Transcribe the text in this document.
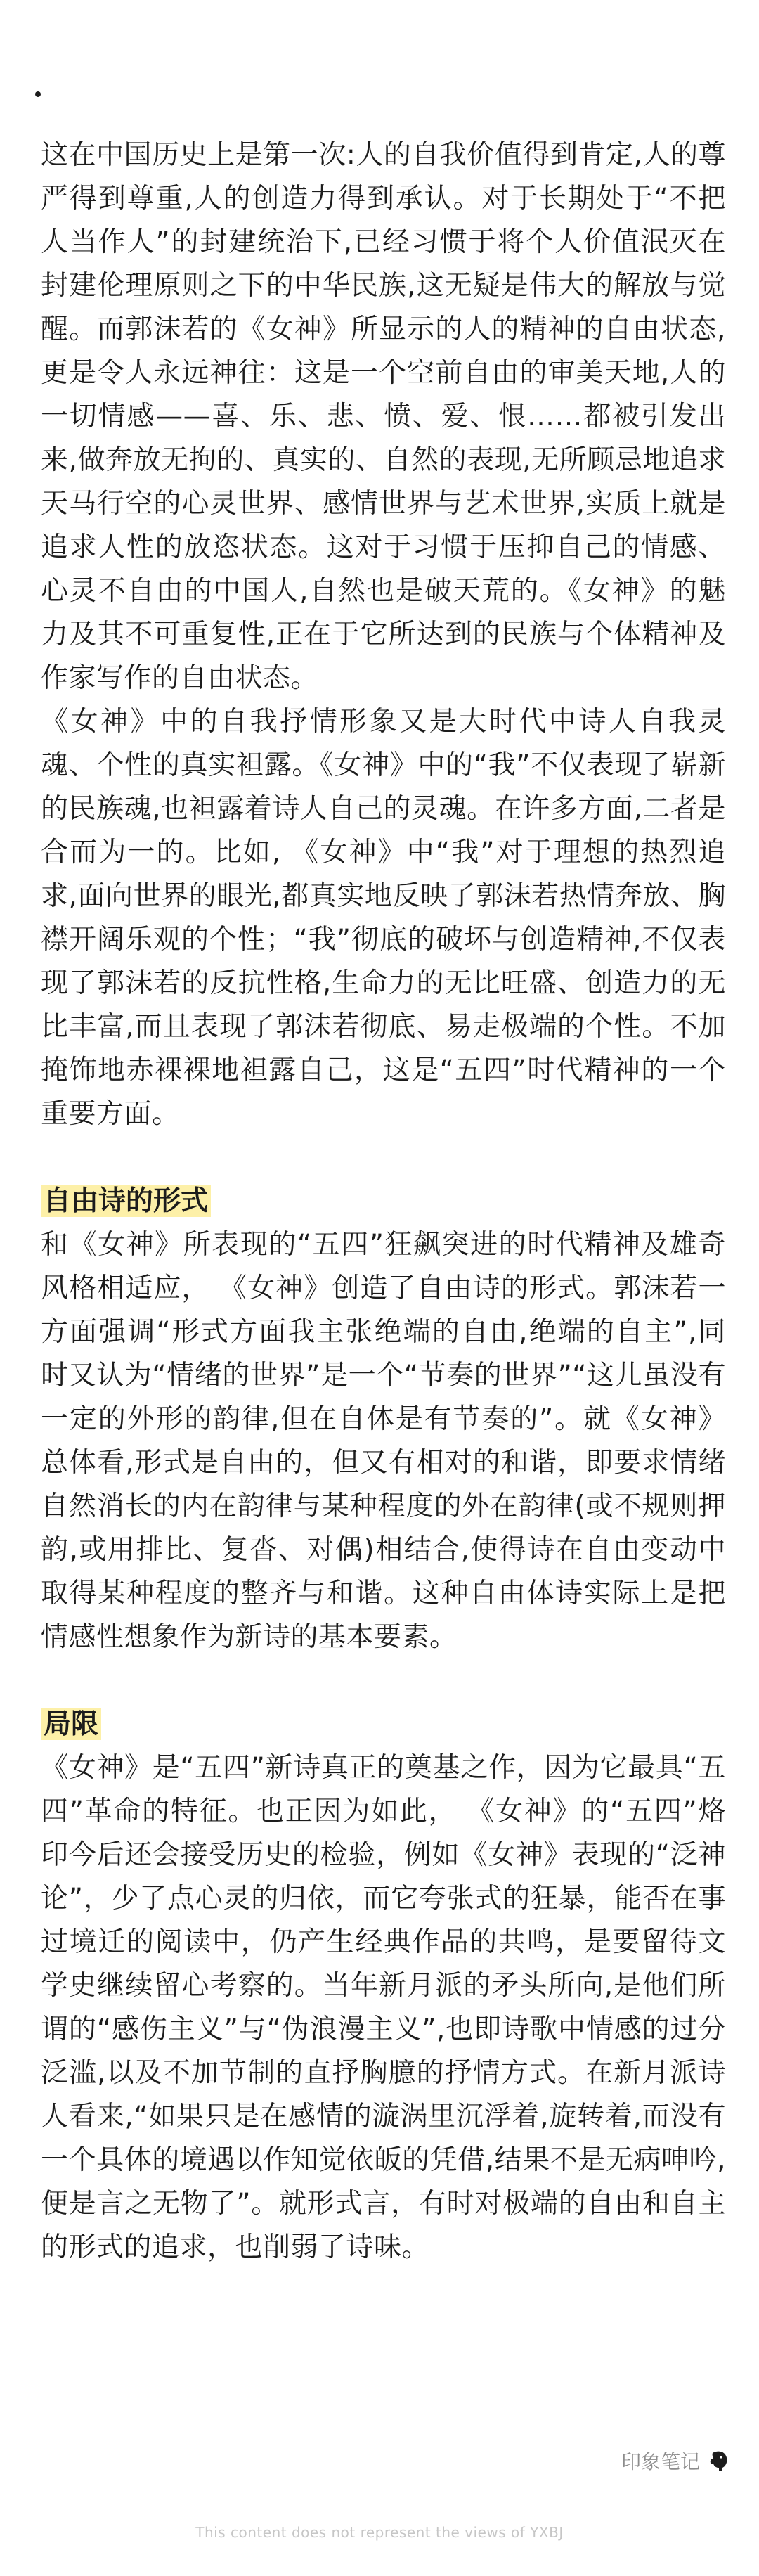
这在中国历史上是第一次:人的自我价值得到肯定,人的尊严得到尊重,人的创造力得到承认。对于长期处于“不把人当作人”的封建统治下,已经习惯于将个人价值泯灭在封建伦理原则之下的中华民族,这无疑是伟大的解放与觉醒。而郭沫若的《女神》所显示的人的精神的自由状态,更是令人永远神往：这是一个空前自由的审美天地,人的一切情感——喜、乐、悲、愤、爱、恨……都被引发出来,做奔放无拘的、真实的、自然的表现,无所顾忌地追求天马行空的心灵世界、感情世界与艺术世界,实质上就是追求人性的放恣状态。这对于习惯于压抑自己的情感、心灵不自由的中国人,自然也是破天荒的。《女神》的魅力及其不可重复性,正在于它所达到的民族与个体精神及作家写作的自由状态。

《女神》中的自我抒情形象又是大时代中诗人自我灵魂、个性的真实袒露。《女神》中的“我”不仅表现了崭新的民族魂,也袒露着诗人自己的灵魂。在许多方面,二者是合而为一的。比如, 《女神》中“我”对于理想的热烈追求,面向世界的眼光,都真实地反映了郭沫若热情奔放、胸襟开阔乐观的个性；“我”彻底的破坏与创造精神,不仅表现了郭沫若的反抗性格,生命力的无比旺盛、创造力的无比丰富,而且表现了郭沫若彻底、易走极端的个性。不加掩饰地赤裸裸地袒露自己，这是“五四”时代精神的一个重要方面。

自由诗的形式

和《女神》所表现的“五四”狂飙突进的时代精神及雄奇风格相适应， 《女神》创造了自由诗的形式。郭沫若一方面强调“形式方面我主张绝端的自由,绝端的自主”,同时又认为“情绪的世界”是一个“节奏的世界”“这儿虽没有一定的外形的韵律,但在自体是有节奏的”。就《女神》总体看,形式是自由的，但又有相对的和谐，即要求情绪自然消长的内在韵律与某种程度的外在韵律(或不规则押韵,或用排比、复沓、对偶)相结合,使得诗在自由变动中取得某种程度的整齐与和谐。这种自由体诗实际上是把情感性想象作为新诗的基本要素。

局限

《女神》是“五四”新诗真正的奠基之作，因为它最具“五四”革命的特征。也正因为如此， 《女神》的“五四”烙印今后还会接受历史的检验，例如《女神》表现的“泛神论”，少了点心灵的归依，而它夸张式的狂暴，能否在事过境迁的阅读中，仍产生经典作品的共鸣，是要留待文学史继续留心考察的。当年新月派的矛头所向,是他们所谓的“感伤主义”与“伪浪漫主义”,也即诗歌中情感的过分泛滥,以及不加节制的直抒胸臆的抒情方式。在新月派诗人看来,“如果只是在感情的漩涡里沉浮着,旋转着,而没有一个具体的境遇以作知觉依皈的凭借,结果不是无病呻吟,便是言之无物了”。就形式言，有时对极端的自由和自主的形式的追求，也削弱了诗味。

印象笔记
This content does not represent the views of YXBJ
